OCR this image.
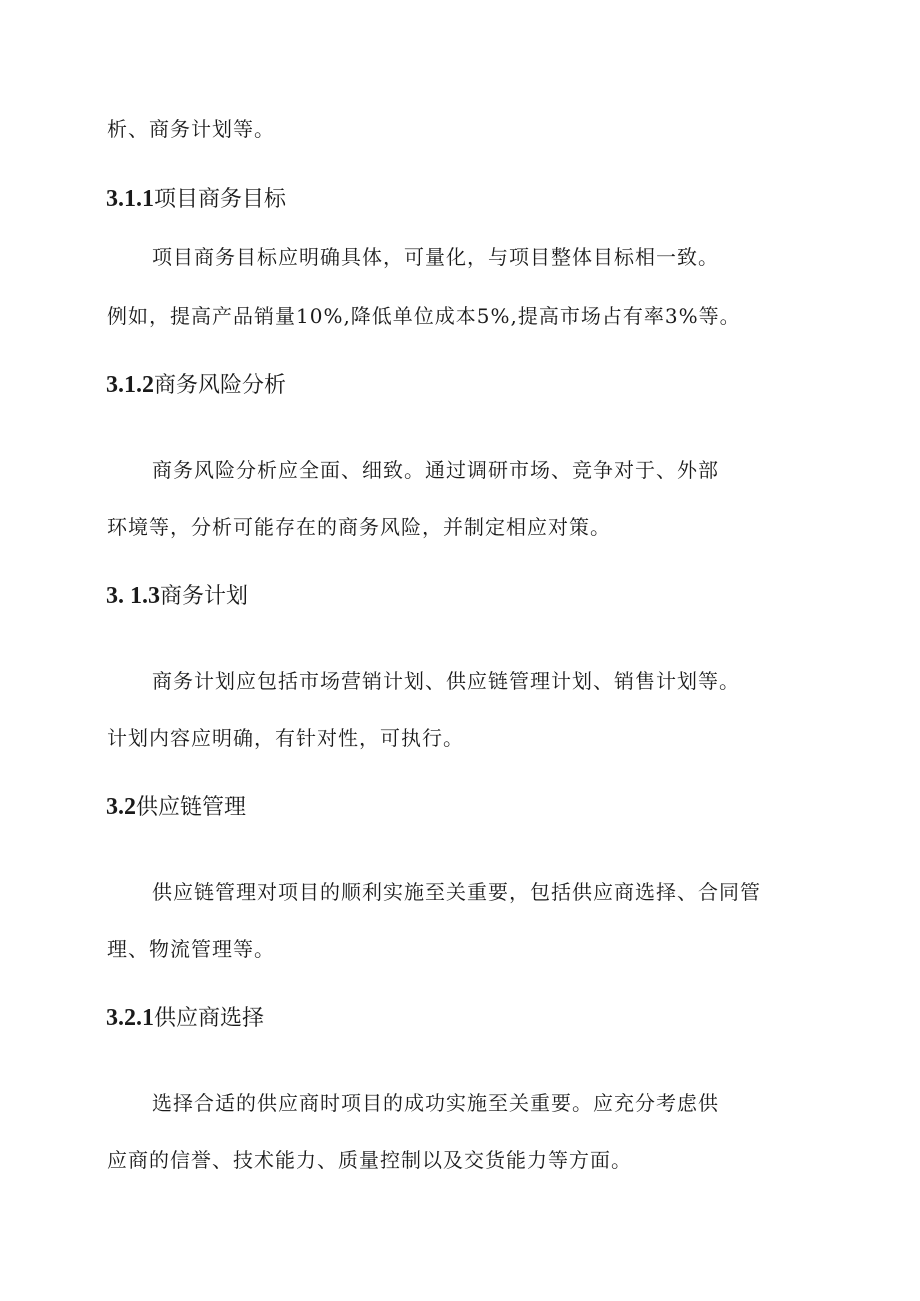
析、商务计划等。
3.1.1项目商务目标
项目商务目标应明确具体，可量化，与项目整体目标相一致。
例如，提高产品销量10%,降低单位成本5%,提高市场占有率3%等。
3.1.2商务风险分析
商务风险分析应全面、细致。通过调研市场、竞争对于、外部
环境等，分析可能存在的商务风险，并制定相应对策。
3. 1.3商务计划
商务计划应包括市场营销计划、供应链管理计划、销售计划等。
计划内容应明确，有针对性，可执行。
3.2供应链管理
供应链管理对项目的顺利实施至关重要，包括供应商选择、合同管
理、物流管理等。
3.2.1供应商选择
选择合适的供应商时项目的成功实施至关重要。应充分考虑供
应商的信誉、技术能力、质量控制以及交货能力等方面。
